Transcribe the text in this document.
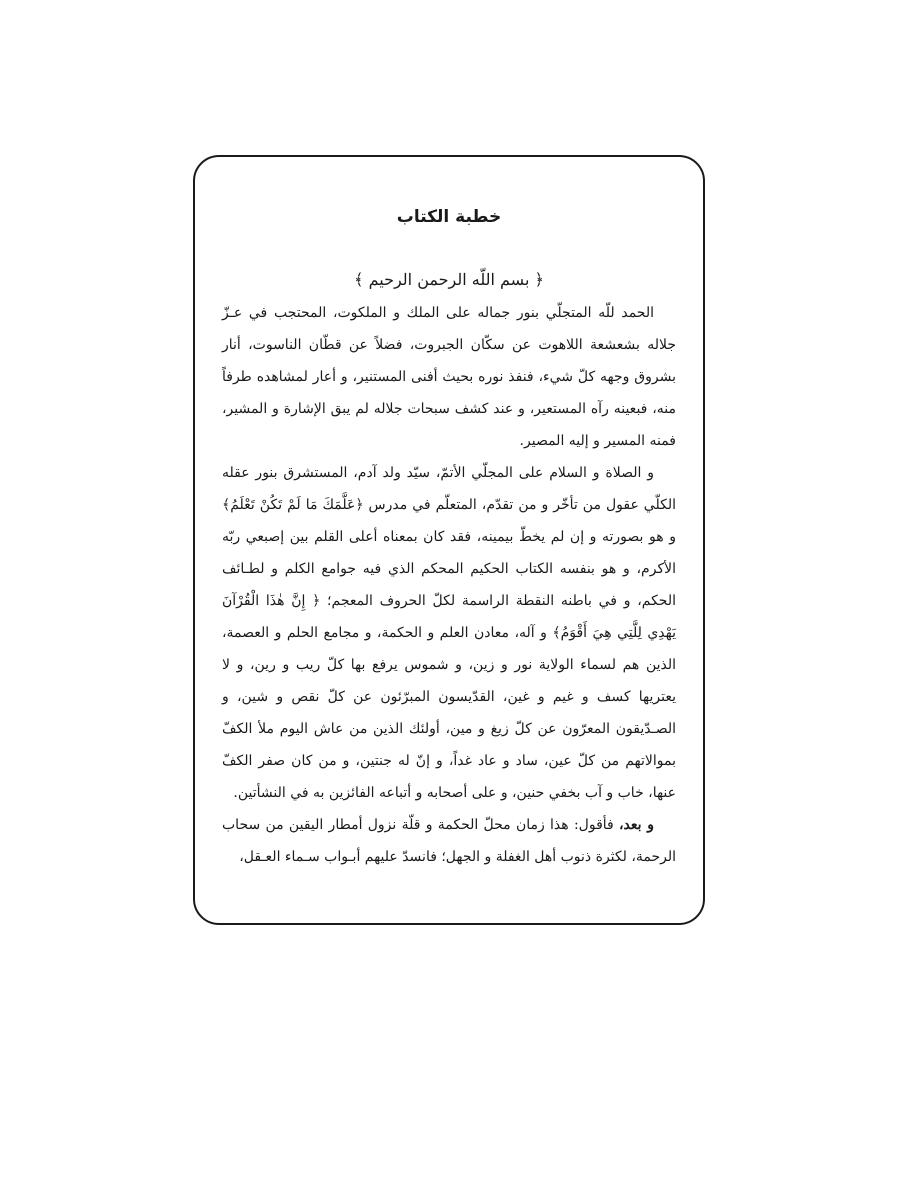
خطبة الكتاب

﴿ بسم اللّه الرحمن الرحيم ﴾

الحمد للّه المتجلّي بنور جماله على الملك و الملكوت، المحتجب في عـزّ جلاله بشعشعة اللاهوت عن سكّان الجبروت، فضلاً عن قطّان الناسوت، أنار بشروق وجهه كلّ شيء، فنفذ نوره بحيث أفنى المستنير، و أعار لمشاهده طرفاً منه، فبعينه رآه المستعير، و عند كشف سبحات جلاله لم يبق الإشارة و المشير، فمنه المسير و إليه المصير.

و الصلاة و السلام على المجلّي الأتمّ، سيّد ولد آدم، المستشرق بنور عقله الكلّي عقول من تأخّر و من تقدّم، المتعلّم في مدرس ﴿عَلَّمَكَ مَا لَمْ تَكُنْ تَعْلَمُ﴾ و هو بصورته و إن لم يخطّ بيمينه، فقد كان بمعناه أعلى القلم بين إصبعي ربّه الأكرم، و هو بنفسه الكتاب الحكيم المحكم الذي فيه جوامع الكلم و لطـائف الحكم، و في باطنه النقطة الراسمة لكلّ الحروف المعجم؛ ﴿ إِنَّ هٰذَا الْقُرْآنَ يَهْدِي لِلَّتِي هِيَ أَقْوَمُ﴾ و آله، معادن العلم و الحكمة، و مجامع الحلم و العصمة، الذين هم لسماء الولاية نور و زين، و شموس يرفع بها كلّ ريب و رين، و لا يعتريها كسف و غيم و غين، القدّيسون المبرّئون عن كلّ نقص و شين، و الصـدّيقون المعرّون عن كلّ زيغ و مين، أولئك الذين من عاش اليوم ملأ الكفّ بموالاتهم من كلّ عين، ساد و عاد غداً، و إنّ له جنتين، و من كان صفر الكفّ عنها، خاب و آب بخفي حنين، و على أصحابه و أتباعه الفائزين به في النشأتين.

و بعد، فأقول: هذا زمان محلّ الحكمة و قلّة نزول أمطار اليقين من سحاب الرحمة، لكثرة ذنوب أهل الغفلة و الجهل؛ فانسدّ عليهم أبـواب سـماء العـقل،
